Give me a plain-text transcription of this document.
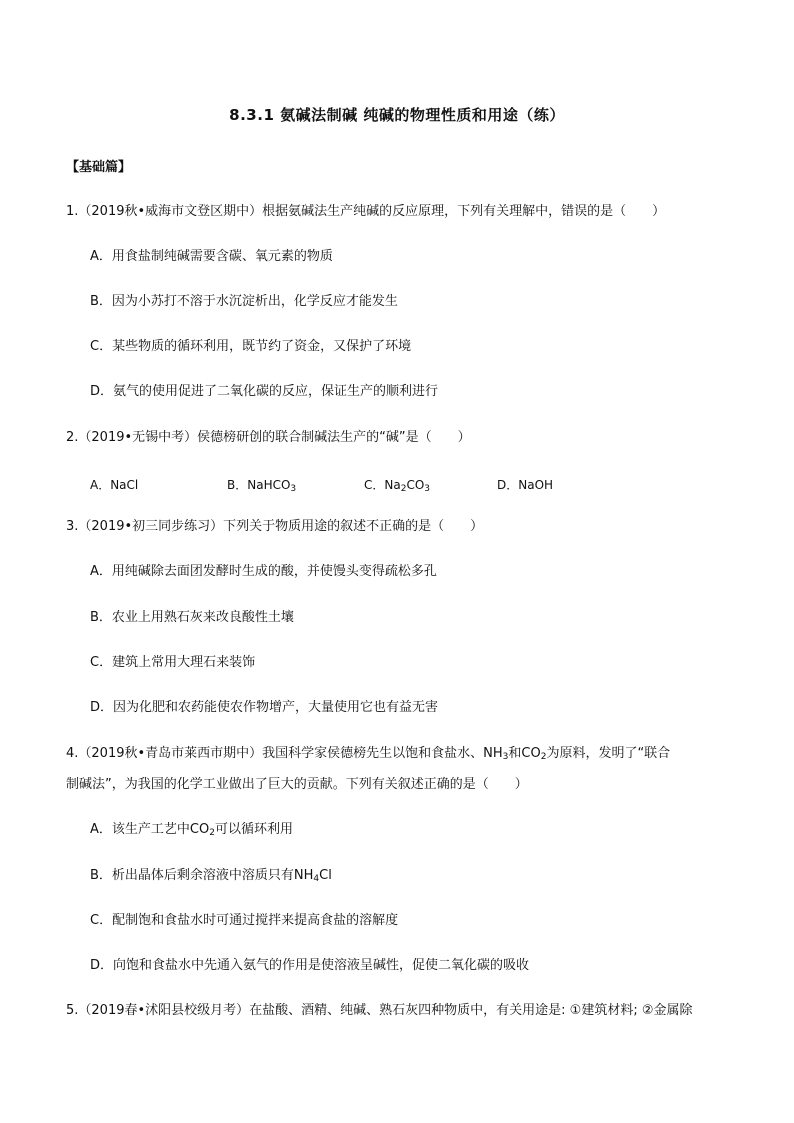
8.3.1 氨碱法制碱 纯碱的物理性质和用途（练）
【基础篇】
1.（2019秋•威海市文登区期中）根据氨碱法生产纯碱的反应原理，下列有关理解中，错误的是（　　）
A．用食盐制纯碱需要含碳、氧元素的物质
B．因为小苏打不溶于水沉淀析出，化学反应才能发生
C．某些物质的循环利用，既节约了资金，又保护了环境
D．氨气的使用促进了二氧化碳的反应，保证生产的顺利进行
2.（2019•无锡中考）侯德榜研创的联合制碱法生产的“碱”是（　　）
A．NaCl	B．NaHCO$_3$	C．$Na_2CO_3$	D．NaOH
3.（2019•初三同步练习）下列关于物质用途的叙述不正确的是（　　）
A．用纯碱除去面团发酵时生成的酸，并使馒头变得疏松多孔
B．农业上用熟石灰来改良酸性土壤
C．建筑上常用大理石来装饰
D．因为化肥和农药能使农作物增产，大量使用它也有益无害
4.（2019秋•青岛市莱西市期中）我国科学家侯德榜先生以饱和食盐水、$NH_3$和$CO_2$为原料，发明了“联合
制碱法”，为我国的化学工业做出了巨大的贡献。下列有关叙述正确的是（　　）
A．该生产工艺中$CO_2$可以循环利用
B．析出晶体后剩余溶液中溶质只有$NH_4Cl$
C．配制饱和食盐水时可通过搅拌来提高食盐的溶解度
D．向饱和食盐水中先通入氨气的作用是使溶液呈碱性，促使二氧化碳的吸收
5.（2019春•沭阳县校级月考）在盐酸、酒精、纯碱、熟石灰四种物质中，有关用途是: ①建筑材料; ②金属除
